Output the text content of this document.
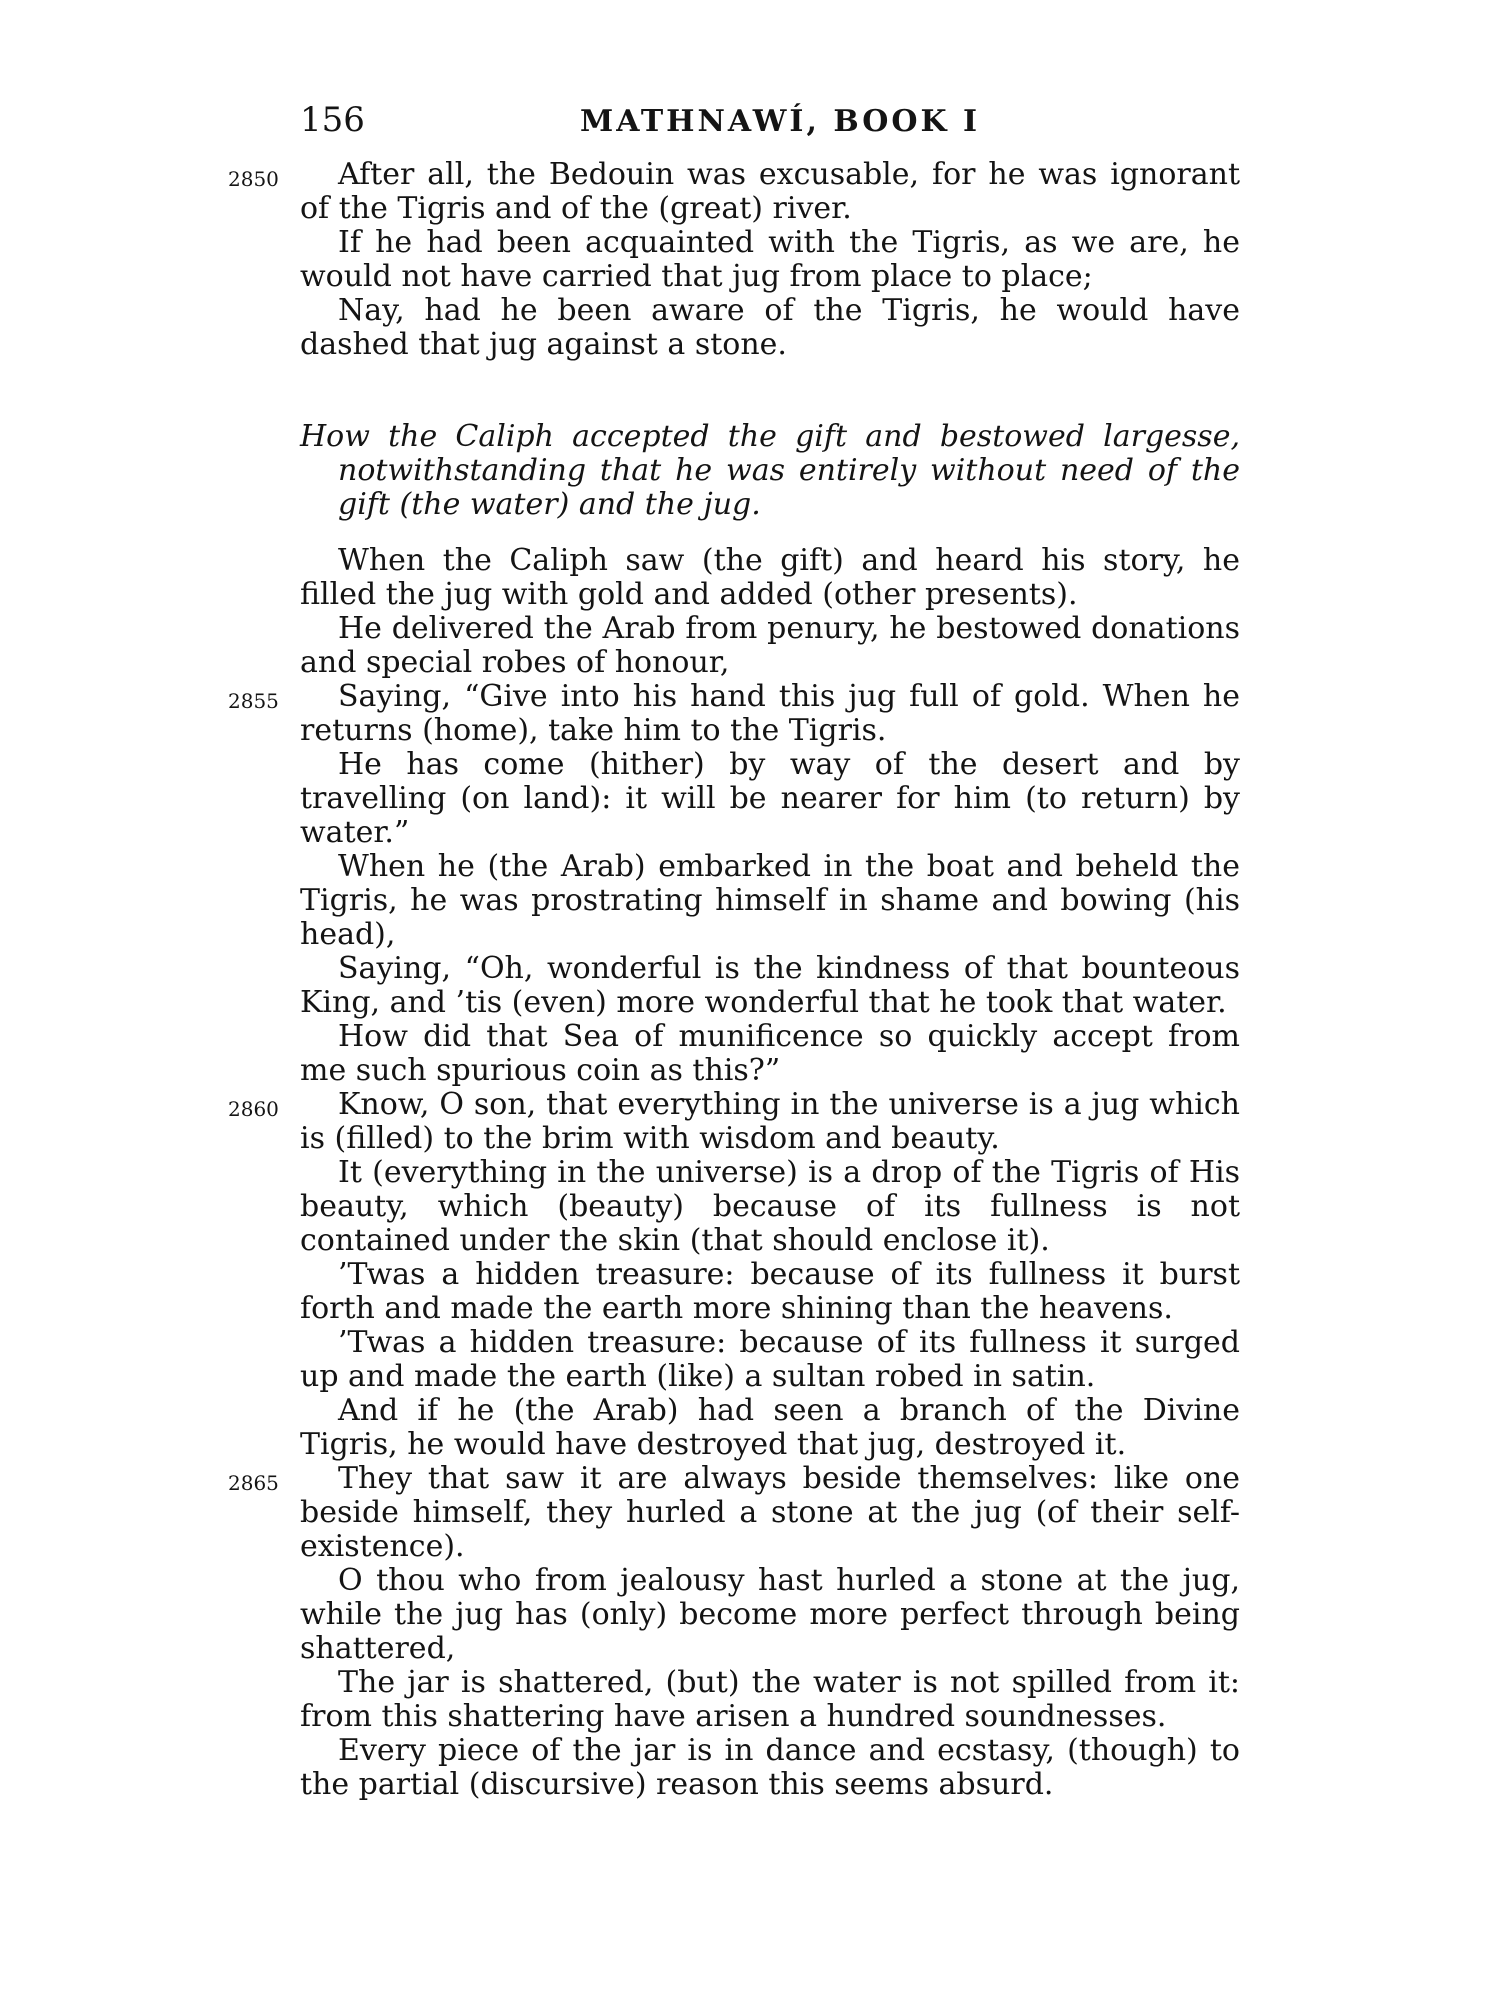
156	MATHNAWÍ, BOOK I
2850	After all, the Bedouin was excusable, for he was ignorant of the Tigris and of the (great) river.
If he had been acquainted with the Tigris, as we are, he would not have carried that jug from place to place;
Nay, had he been aware of the Tigris, he would have dashed that jug against a stone.
How the Caliph accepted the gift and bestowed largesse, notwithstanding that he was entirely without need of the gift (the water) and the jug.
When the Caliph saw (the gift) and heard his story, he filled the jug with gold and added (other presents).
He delivered the Arab from penury, he bestowed donations and special robes of honour,
2855	Saying, “Give into his hand this jug full of gold. When he returns (home), take him to the Tigris.
He has come (hither) by way of the desert and by travelling (on land): it will be nearer for him (to return) by water.”
When he (the Arab) embarked in the boat and beheld the Tigris, he was prostrating himself in shame and bowing (his head),
Saying, “Oh, wonderful is the kindness of that bounteous King, and ’tis (even) more wonderful that he took that water.
How did that Sea of munificence so quickly accept from me such spurious coin as this?”
2860	Know, O son, that everything in the universe is a jug which is (filled) to the brim with wisdom and beauty.
It (everything in the universe) is a drop of the Tigris of His beauty, which (beauty) because of its fullness is not contained under the skin (that should enclose it).
’Twas a hidden treasure: because of its fullness it burst forth and made the earth more shining than the heavens.
’Twas a hidden treasure: because of its fullness it surged up and made the earth (like) a sultan robed in satin.
And if he (the Arab) had seen a branch of the Divine Tigris, he would have destroyed that jug, destroyed it.
2865	They that saw it are always beside themselves: like one beside himself, they hurled a stone at the jug (of their self-existence).
O thou who from jealousy hast hurled a stone at the jug, while the jug has (only) become more perfect through being shattered,
The jar is shattered, (but) the water is not spilled from it: from this shattering have arisen a hundred soundnesses.
Every piece of the jar is in dance and ecstasy, (though) to the partial (discursive) reason this seems absurd.
